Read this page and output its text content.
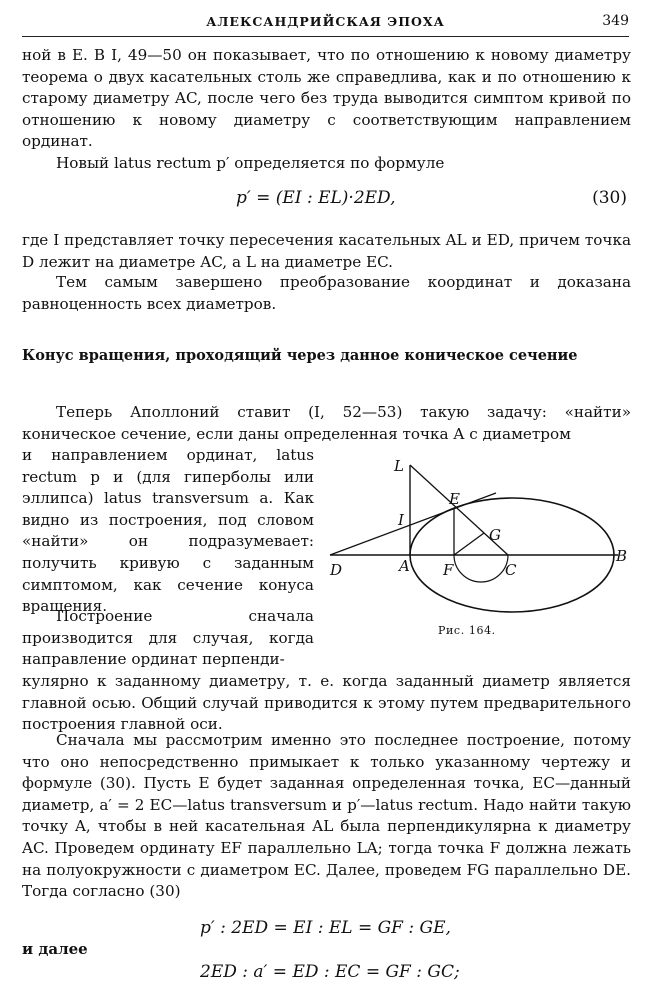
АЛЕКСАНДРИЙСКАЯ ЭПОХА	349

ной в E. В I, 49—50 он показывает, что по отношению к новому диаметру теорема о двух касательных столь же справедлива, как и по отношению к старому диаметру AC, после чего без труда выводится симптом кривой по отношению к новому диаметру с соответствующим направлением ординат.

Новый latus rectum p′ определяется по формуле

p′ = (EI : EL)·2ED,	(30)

где I представляет точку пересечения касательных AL и ED, причем точка D лежит на диаметре AC, а L на диаметре EC.

Тем самым завершено преобразование координат и доказана равноценность всех диаметров.

Конус вращения, проходящий через данное коническое сечение

Теперь Аполлоний ставит (I, 52—53) такую задачу: «найти» коническое сечение, если даны определенная точка A с диаметром

и направлением ординат, latus rectum p и (для гиперболы или эллипса) latus transversum a. Как видно из построения, под словом «найти» он подразумевает: получить кривую с заданным симптомом, как сечение конуса вращения.

Построение сначала производится для случая, когда направление ординат перпенди-

кулярно к заданному диаметру, т. е. когда заданный диаметр является главной осью. Общий случай приводится к этому путем предварительного построения главной оси.

L
E
I
G
D	A F	C
B
Рис. 164.

Сначала мы рассмотрим именно это последнее построение, потому что оно непосредственно примыкает к только указанному чертежу и формуле (30). Пусть E будет заданная определенная точка, EC—данный диаметр, a′ = 2 EC—latus transversum и p′—latus rectum. Надо найти такую точку A, чтобы в ней касательная AL была перпендикулярна к диаметру AC. Проведем ординату EF параллельно LA; тогда точка F должна лежать на полуокружности с диаметром EC. Далее, проведем FG параллельно DE. Тогда согласно (30)

p′ : 2ED = EI : EL = GF : GE,
и далее
2ED : a′ = ED : EC = GF : GC;
